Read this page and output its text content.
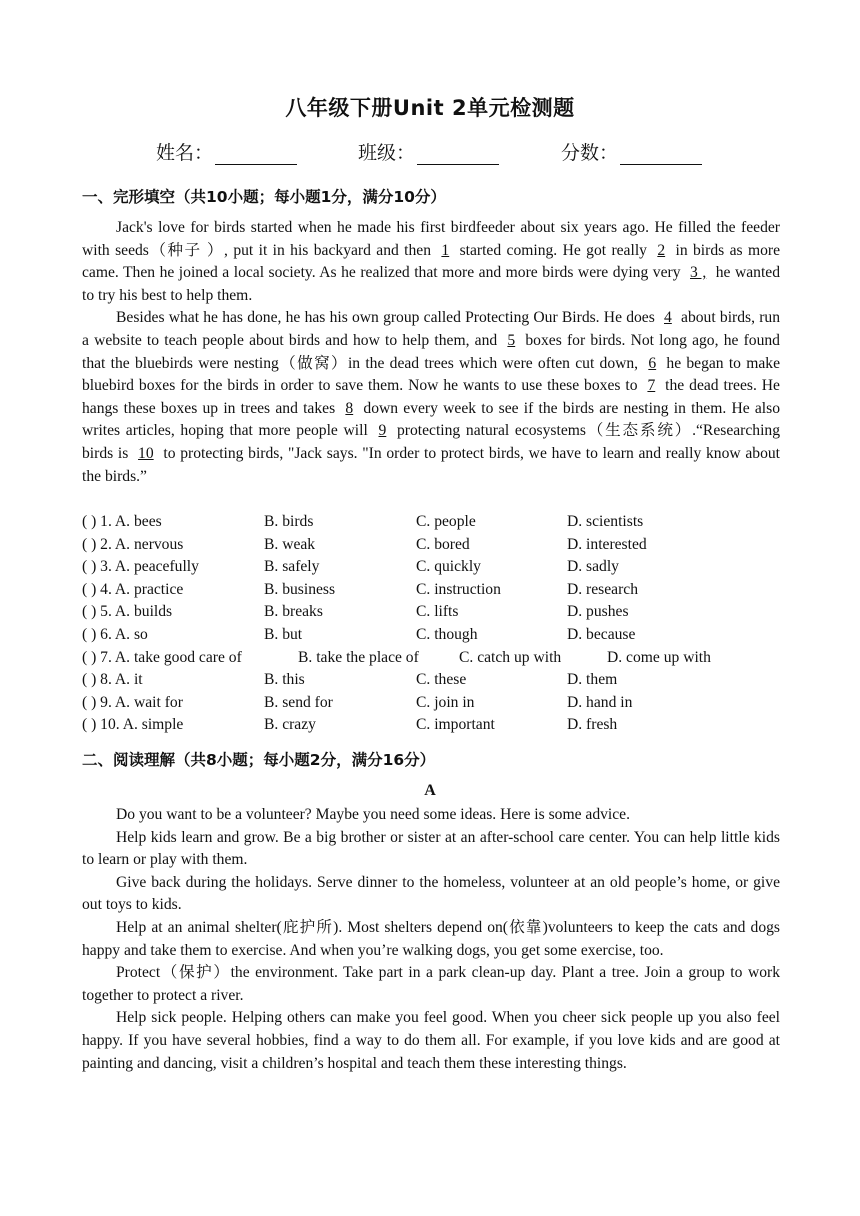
八年级下册Unit 2单元检测题
姓名：	班级：	分数：
一、完形填空（共10小题；每小题1分，满分10分）

Jack's love for birds started when he made his first birdfeeder about six years ago. He filled the feeder with seeds（种子 ）, put it in his backyard and then 1 started coming. He got really 2 in birds as more came. Then he joined a local society. As he realized that more and more birds were dying very 3 , he wanted to try his best to help them.

Besides what he has done, he has his own group called Protecting Our Birds. He does 4 about birds, run a website to teach people about birds and how to help them, and 5 boxes for birds. Not long ago, he found that the bluebirds were nesting（做窝）in the dead trees which were often cut down, 6 he began to make bluebird boxes for the birds in order to save them. Now he wants to use these boxes to 7 the dead trees. He hangs these boxes up in trees and takes 8 down every week to see if the birds are nesting in them. He also writes articles, hoping that more people will 9 protecting natural ecosystems（生态系统）.“Researching birds is 10 to protecting birds, "Jack says. "In order to protect birds, we have to learn and really know about the birds.”

( ) 1. A. bees	B. birds	C. people	D. scientists
( ) 2. A. nervous	B. weak	C. bored	D. interested
( ) 3. A. peacefully	B. safely	C. quickly	D. sadly
( ) 4. A. practice	B. business	C. instruction	D. research
( ) 5. A. builds	B. breaks	C. lifts	D. pushes
( ) 6. A. so	B. but	C. though	D. because
( ) 7. A. take good care of	B. take the place of	C. catch up with	D. come up with
( ) 8. A. it	B. this	C. these	D. them
( ) 9. A. wait for	B. send for	C. join in	D. hand in
( ) 10. A. simple	B. crazy	C. important	D. fresh
二、阅读理解（共8小题；每小题2分，满分16分）
A

Do you want to be a volunteer? Maybe you need some ideas. Here is some advice.

Help kids learn and grow. Be a big brother or sister at an after-school care center. You can help little kids to learn or play with them.

Give back during the holidays. Serve dinner to the homeless, volunteer at an old people’s home, or give out toys to kids.

Help at an animal shelter(庇护所). Most shelters depend on(依靠)volunteers to keep the cats and dogs happy and take them to exercise. And when you’re walking dogs, you get some exercise, too.

Protect（保护）the environment. Take part in a park clean-up day. Plant a tree. Join a group to work together to protect a river.

Help sick people. Helping others can make you feel good. When you cheer sick people up you also feel happy. If you have several hobbies, find a way to do them all. For example, if you love kids and are good at painting and dancing, visit a children’s hospital and teach them these interesting things.
